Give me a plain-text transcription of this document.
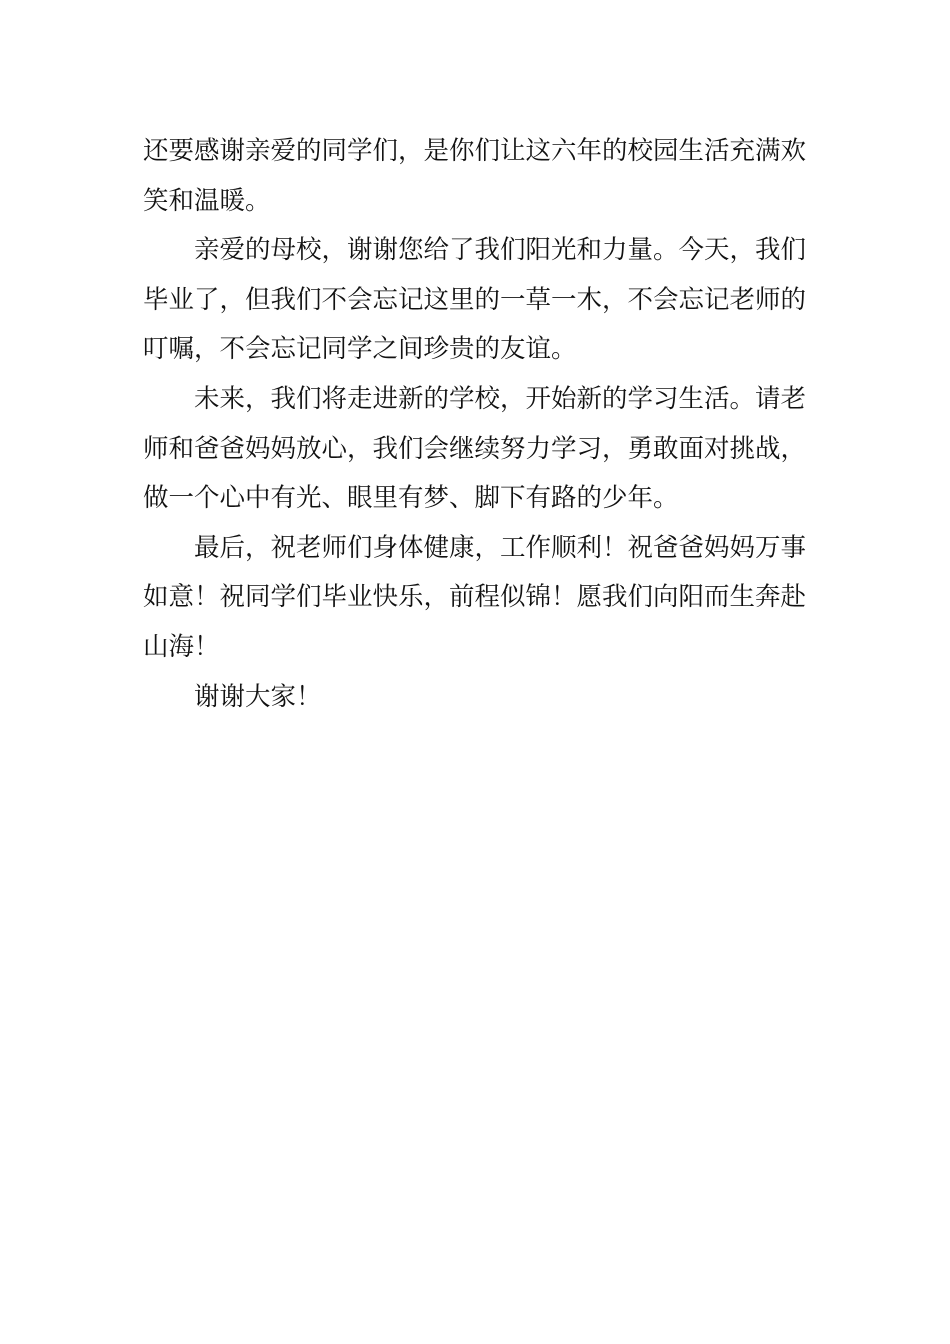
还要感谢亲爱的同学们，是你们让这六年的校园生活充满欢笑和温暖。

亲爱的母校，谢谢您给了我们阳光和力量。今天，我们毕业了，但我们不会忘记这里的一草一木，不会忘记老师的叮嘱，不会忘记同学之间珍贵的友谊。

未来，我们将走进新的学校，开始新的学习生活。请老师和爸爸妈妈放心，我们会继续努力学习，勇敢面对挑战，做一个心中有光、眼里有梦、脚下有路的少年。

最后，祝老师们身体健康，工作顺利！祝爸爸妈妈万事如意！祝同学们毕业快乐，前程似锦！愿我们向阳而生奔赴山海！

谢谢大家！
